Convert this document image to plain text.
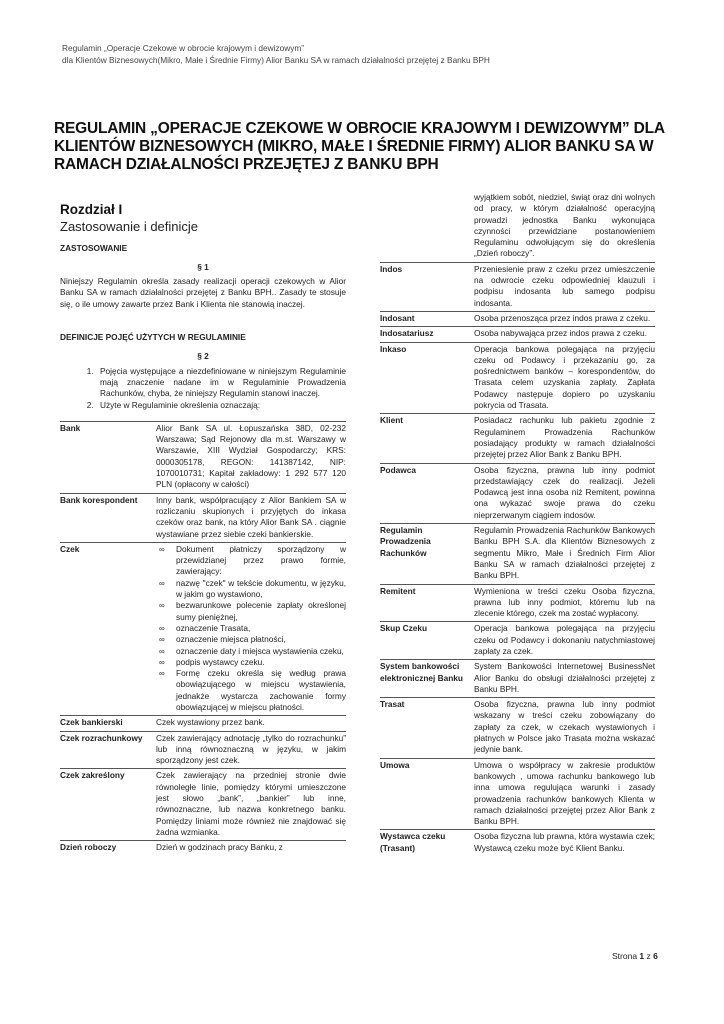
Regulamin „Operacje Czekowe w obrocie krajowym i dewizowym”
dla Klientów Biznesowych(Mikro, Małe i Średnie Firmy) Alior Banku SA w ramach działalności przejętej z Banku BPH
REGULAMIN „OPERACJE CZEKOWE W OBROCIE KRAJOWYM I DEWIZOWYM” DLA KLIENTÓW BIZNESOWYCH (MIKRO, MAŁE I ŚREDNIE FIRMY) ALIOR BANKU SA W RAMACH DZIAŁALNOŚCI PRZEJĘTEJ Z BANKU BPH
Rozdział I
Zastosowanie i definicje
ZASTOSOWANIE
§ 1
Niniejszy Regulamin określa zasady realizacji operacji czekowych w Alior Banku SA w ramach działalności przejętej z Banku BPH.. Zasady te stosuje się, o ile umowy zawarte przez Bank i Klienta nie stanowią inaczej.
DEFINICJE POJĘĆ UŻYTYCH W REGULAMINIE
§ 2
1. Pojęcia występujące a niezdefiniowane w niniejszym Regulaminie mają znaczenie nadane im w Regulaminie Prowadzenia Rachunków, chyba, że niniejszy Regulamin stanowi inaczej.
2. Użyte w Regulaminie określenia oznaczają:
Bank	Alior Bank SA ul. Łopuszańska 38D, 02-232 Warszawa; Sąd Rejonowy dla m.st. Warszawy w Warszawie, XIII Wydział Gospodarczy; KRS: 0000305178, REGON: 141387142, NIP: 1070010731; Kapitał zakładowy: 1 292 577 120 PLN (opłacony w całości)
Bank korespondent	Inny bank, współpracujący z Alior Bankiem SA w rozliczaniu skupionych i przyjętych do inkasa czeków oraz bank, na który Alior Bank SA . ciągnie wystawiane przez siebie czeki bankierskie.
Czek
∞	Dokument płatniczy sporządzony w przewidzianej przez prawo formie, zawierający:
∞ nazwę "czek" w tekście dokumentu, w języku, w jakim go wystawiono,
∞ bezwarunkowe polecenie zapłaty określonej sumy pieniężnej,
∞ oznaczenie Trasata,
∞ oznaczenie miejsca płatności,
∞ oznaczenie daty i miejsca wystawienia czeku,
∞ podpis wystawcy czeku.
∞ Formę czeku określa się według prawa obowiązującego w miejscu wystawienia, jednakże wystarcza zachowanie formy obowiązującej w miejscu płatności.
Czek bankierski	Czek wystawiony przez bank.
Czek rozrachunkowy	Czek zawierający adnotację „tylko do rozrachunku” lub inną równoznaczną w języku, w jakim sporządzony jest czek.
Czek zakreślony	Czek zawierający na przedniej stronie dwie równoległe linie, pomiędzy którymi umieszczone jest słowo „bank”, „bankier” lub inne, równoznaczne, lub nazwa konkretnego banku. Pomiędzy liniami może również nie znajdować się żadna wzmianka.
Dzień roboczy	Dzień w godzinach pracy Banku, z
wyjątkiem sobót, niedziel, świąt oraz dni wolnych od pracy, w którym działalność operacyjną prowadzi jednostka Banku wykonująca czynności przewidziane postanowieniem Regulaminu odwołującym się do określenia „Dzień roboczy”.
Indos	Przeniesienie praw z czeku przez umieszczenie na odwrocie czeku odpowiedniej klauzuli i podpisu indosanta lub samego podpisu indosanta.
Indosant	Osoba przenosząca przez indos prawa z czeku.
Indosatariusz	Osoba nabywająca przez indos prawa z czeku.
Inkaso	Operacja bankowa polegająca na przyjęciu czeku od Podawcy i przekazaniu go, za pośrednictwem banków – korespondentów, do Trasata celem uzyskania zapłaty. Zapłata Podawcy następuje dopiero po uzyskaniu pokrycia od Trasata.
Klient	Posiadacz rachunku lub pakietu zgodnie z Regulaminem Prowadzenia Rachunków posiadający produkty w ramach działalności przejętej przez Alior Bank z Banku BPH.
Podawca	Osoba fizyczna, prawna lub inny podmiot przedstawiający czek do realizacji. Jeżeli Podawcą jest inna osoba niż Remitent, powinna ona wykazać swoje prawa do czeku nieprzerwanym ciągiem indosów.
Regulamin Prowadzenia Rachunków
Regulamin Prowadzenia Rachunków Bankowych Banku BPH S.A. dla Klientów Biznesowych z segmentu Mikro, Małe i Średnich Firm Alior Banku SA w ramach działalności przejętej z Banku BPH.
Remitent	Wymieniona w treści czeku Osoba fizyczna, prawna lub inny podmiot, któremu lub na zlecenie którego, czek ma zostać wypłacony.
Skup Czeku	Operacja bankowa polegająca na przyjęciu czeku od Podawcy i dokonaniu natychmiastowej zapłaty za czek.
System bankowości elektronicznej Banku
System Bankowości Internetowej BusinessNet Alior Banku do obsługi działalności przejętej z Banku BPH.
Trasat	Osoba fizyczna, prawna lub inny podmiot wskazany w treści czeku zobowiązany do zapłaty za czek, w czekach wystawionych i płatnych w Polsce jako Trasata można wskazać jedynie bank.
Umowa	Umowa o współpracy w zakresie produktów bankowych , umowa rachunku bankowego lub inna umowa regulująca warunki i zasady prowadzenia rachunków bankowych Klienta w ramach działalności przejętej przez Alior Bank z Banku BPH.
Wystawca czeku (Trasant)
Osoba fizyczna lub prawna, która wystawia czek; Wystawcą czeku może być Klient Banku.
Strona 1 z 6
